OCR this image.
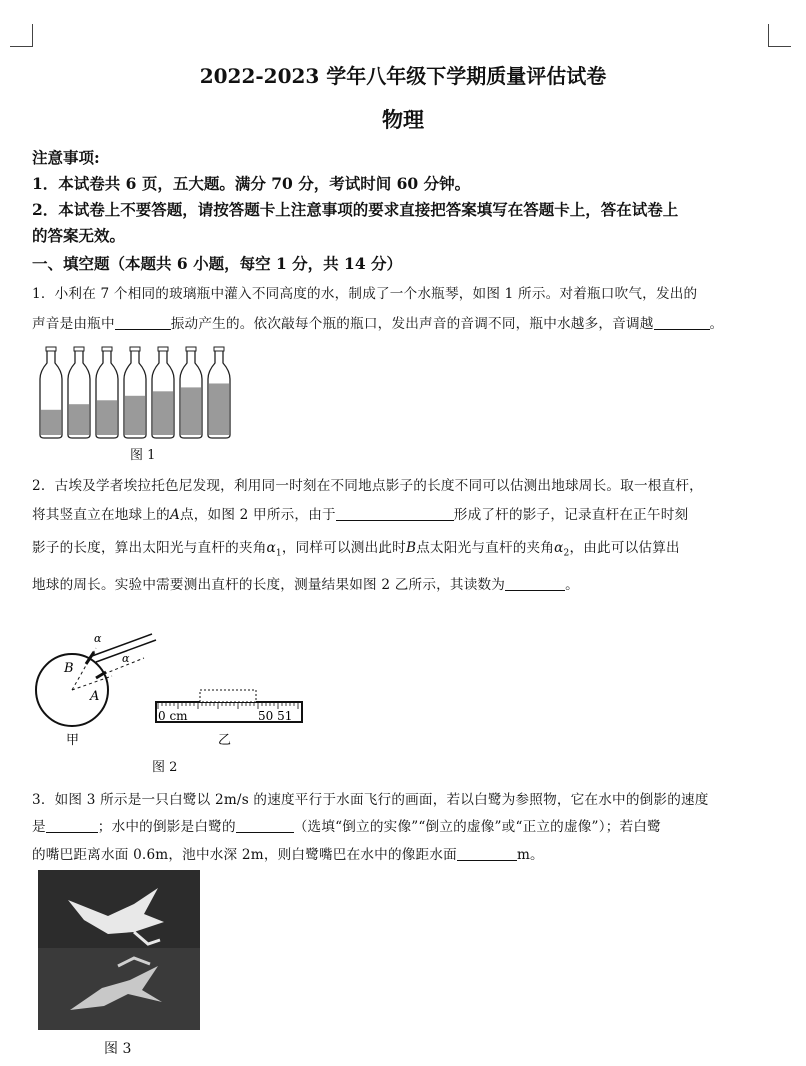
2022-2023 学年八年级下学期质量评估试卷
物理
注意事项:
1．本试卷共 6 页，五大题。满分 70 分，考试时间 60 分钟。
2．本试卷上不要答题，请按答题卡上注意事项的要求直接把答案填写在答题卡上，答在试卷上
的答案无效。
一、填空题（本题共 6 小题，每空 1 分，共 14 分）
1．小利在 7 个相同的玻璃瓶中灌入不同高度的水，制成了一个水瓶琴，如图 1 所示。对着瓶口吹气，发出的
声音是由瓶中	振动产生的。依次敲每个瓶的瓶口，发出声音的音调不同，瓶中水越多，音调越	。
图 1
2．古埃及学者埃拉托色尼发现，利用同一时刻在不同地点影子的长度不同可以估测出地球周长。取一根直杆，
将其竖直立在地球上的A点，如图 2 甲所示，由于	形成了杆的影子，记录直杆在正午时刻
影子的长度，算出太阳光与直杆的夹角$\alpha_1$，同样可以测出此时B点太阳光与直杆的夹角$\alpha_2$，由此可以估算出
地球的周长。实验中需要测出直杆的长度，测量结果如图 2 乙所示，其读数为	。
B
A
α
α
甲
0 cm	50 51
乙
图 2
3．如图 3 所示是一只白鹭以 2m/s 的速度平行于水面飞行的画面，若以白鹭为参照物，它在水中的倒影的速度
是	；水中的倒影是白鹭的	（选填“倒立的实像”“倒立的虚像”或“正立的虚像”）；若白鹭
的嘴巴距离水面 0.6m，池中水深 2m，则白鹭嘴巴在水中的像距水面	m。
图 3
